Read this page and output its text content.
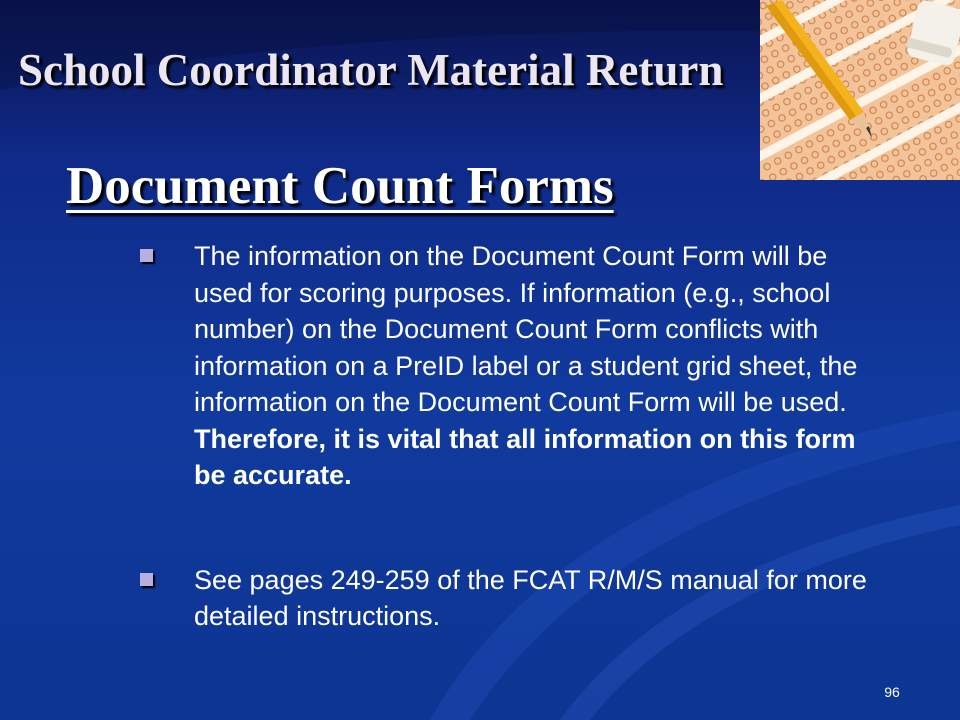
School Coordinator Material Return
Document Count Forms
The information on the Document Count Form will be used for scoring purposes. If information (e.g., school number) on the Document Count Form conflicts with information on a PreID label or a student grid sheet, the information on the Document Count Form will be used. Therefore, it is vital that all information on this form be accurate.
See pages 249-259 of the FCAT R/M/S manual for more detailed instructions.
96
